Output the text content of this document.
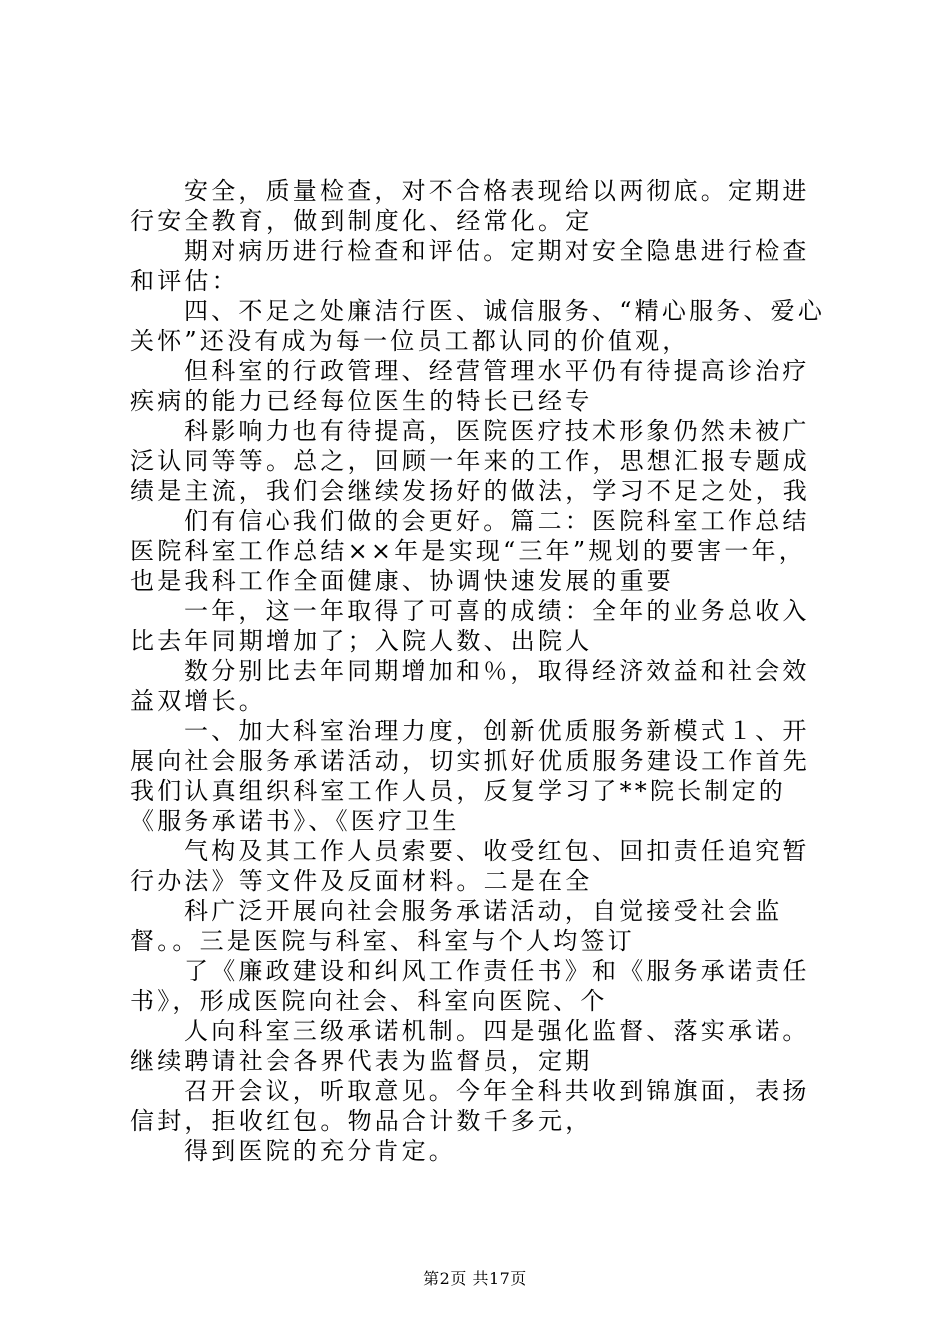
安全，质量检查，对不合格表现给以两彻底。定期进行安全教育，做到制度化、经常化。定

期对病历进行检查和评估。定期对安全隐患进行检查和评估：

四、不足之处廉洁行医、诚信服务、“精心服务、爱心关怀”还没有成为每一位员工都认同的价值观，

但科室的行政管理、经营管理水平仍有待提高诊治疗疾病的能力已经每位医生的特长已经专

科影响力也有待提高，医院医疗技术形象仍然未被广泛认同等等。总之，回顾一年来的工作，思想汇报专题成绩是主流，我们会继续发扬好的做法，学习不足之处，我

们有信心我们做的会更好。篇二：医院科室工作总结医院科室工作总结××年是实现“三年”规划的要害一年，也是我科工作全面健康、协调快速发展的重要

一年，这一年取得了可喜的成绩：全年的业务总收入比去年同期增加了；入院人数、出院人

数分别比去年同期增加和％，取得经济效益和社会效益双增长。

一、加大科室治理力度，创新优质服务新模式１、开展向社会服务承诺活动，切实抓好优质服务建设工作首先我们认真组织科室工作人员，反复学习了**院长制定的《服务承诺书》、《医疗卫生

气构及其工作人员索要、收受红包、回扣责任追究暂行办法》等文件及反面材料。二是在全

科广泛开展向社会服务承诺活动，自觉接受社会监督。。三是医院与科室、科室与个人均签订

了《廉政建设和纠风工作责任书》和《服务承诺责任书》，形成医院向社会、科室向医院、个

人向科室三级承诺机制。四是强化监督、落实承诺。继续聘请社会各界代表为监督员，定期

召开会议，听取意见。今年全科共收到锦旗面，表扬信封，拒收红包。物品合计数千多元，

得到医院的充分肯定。

第2页 共17页
